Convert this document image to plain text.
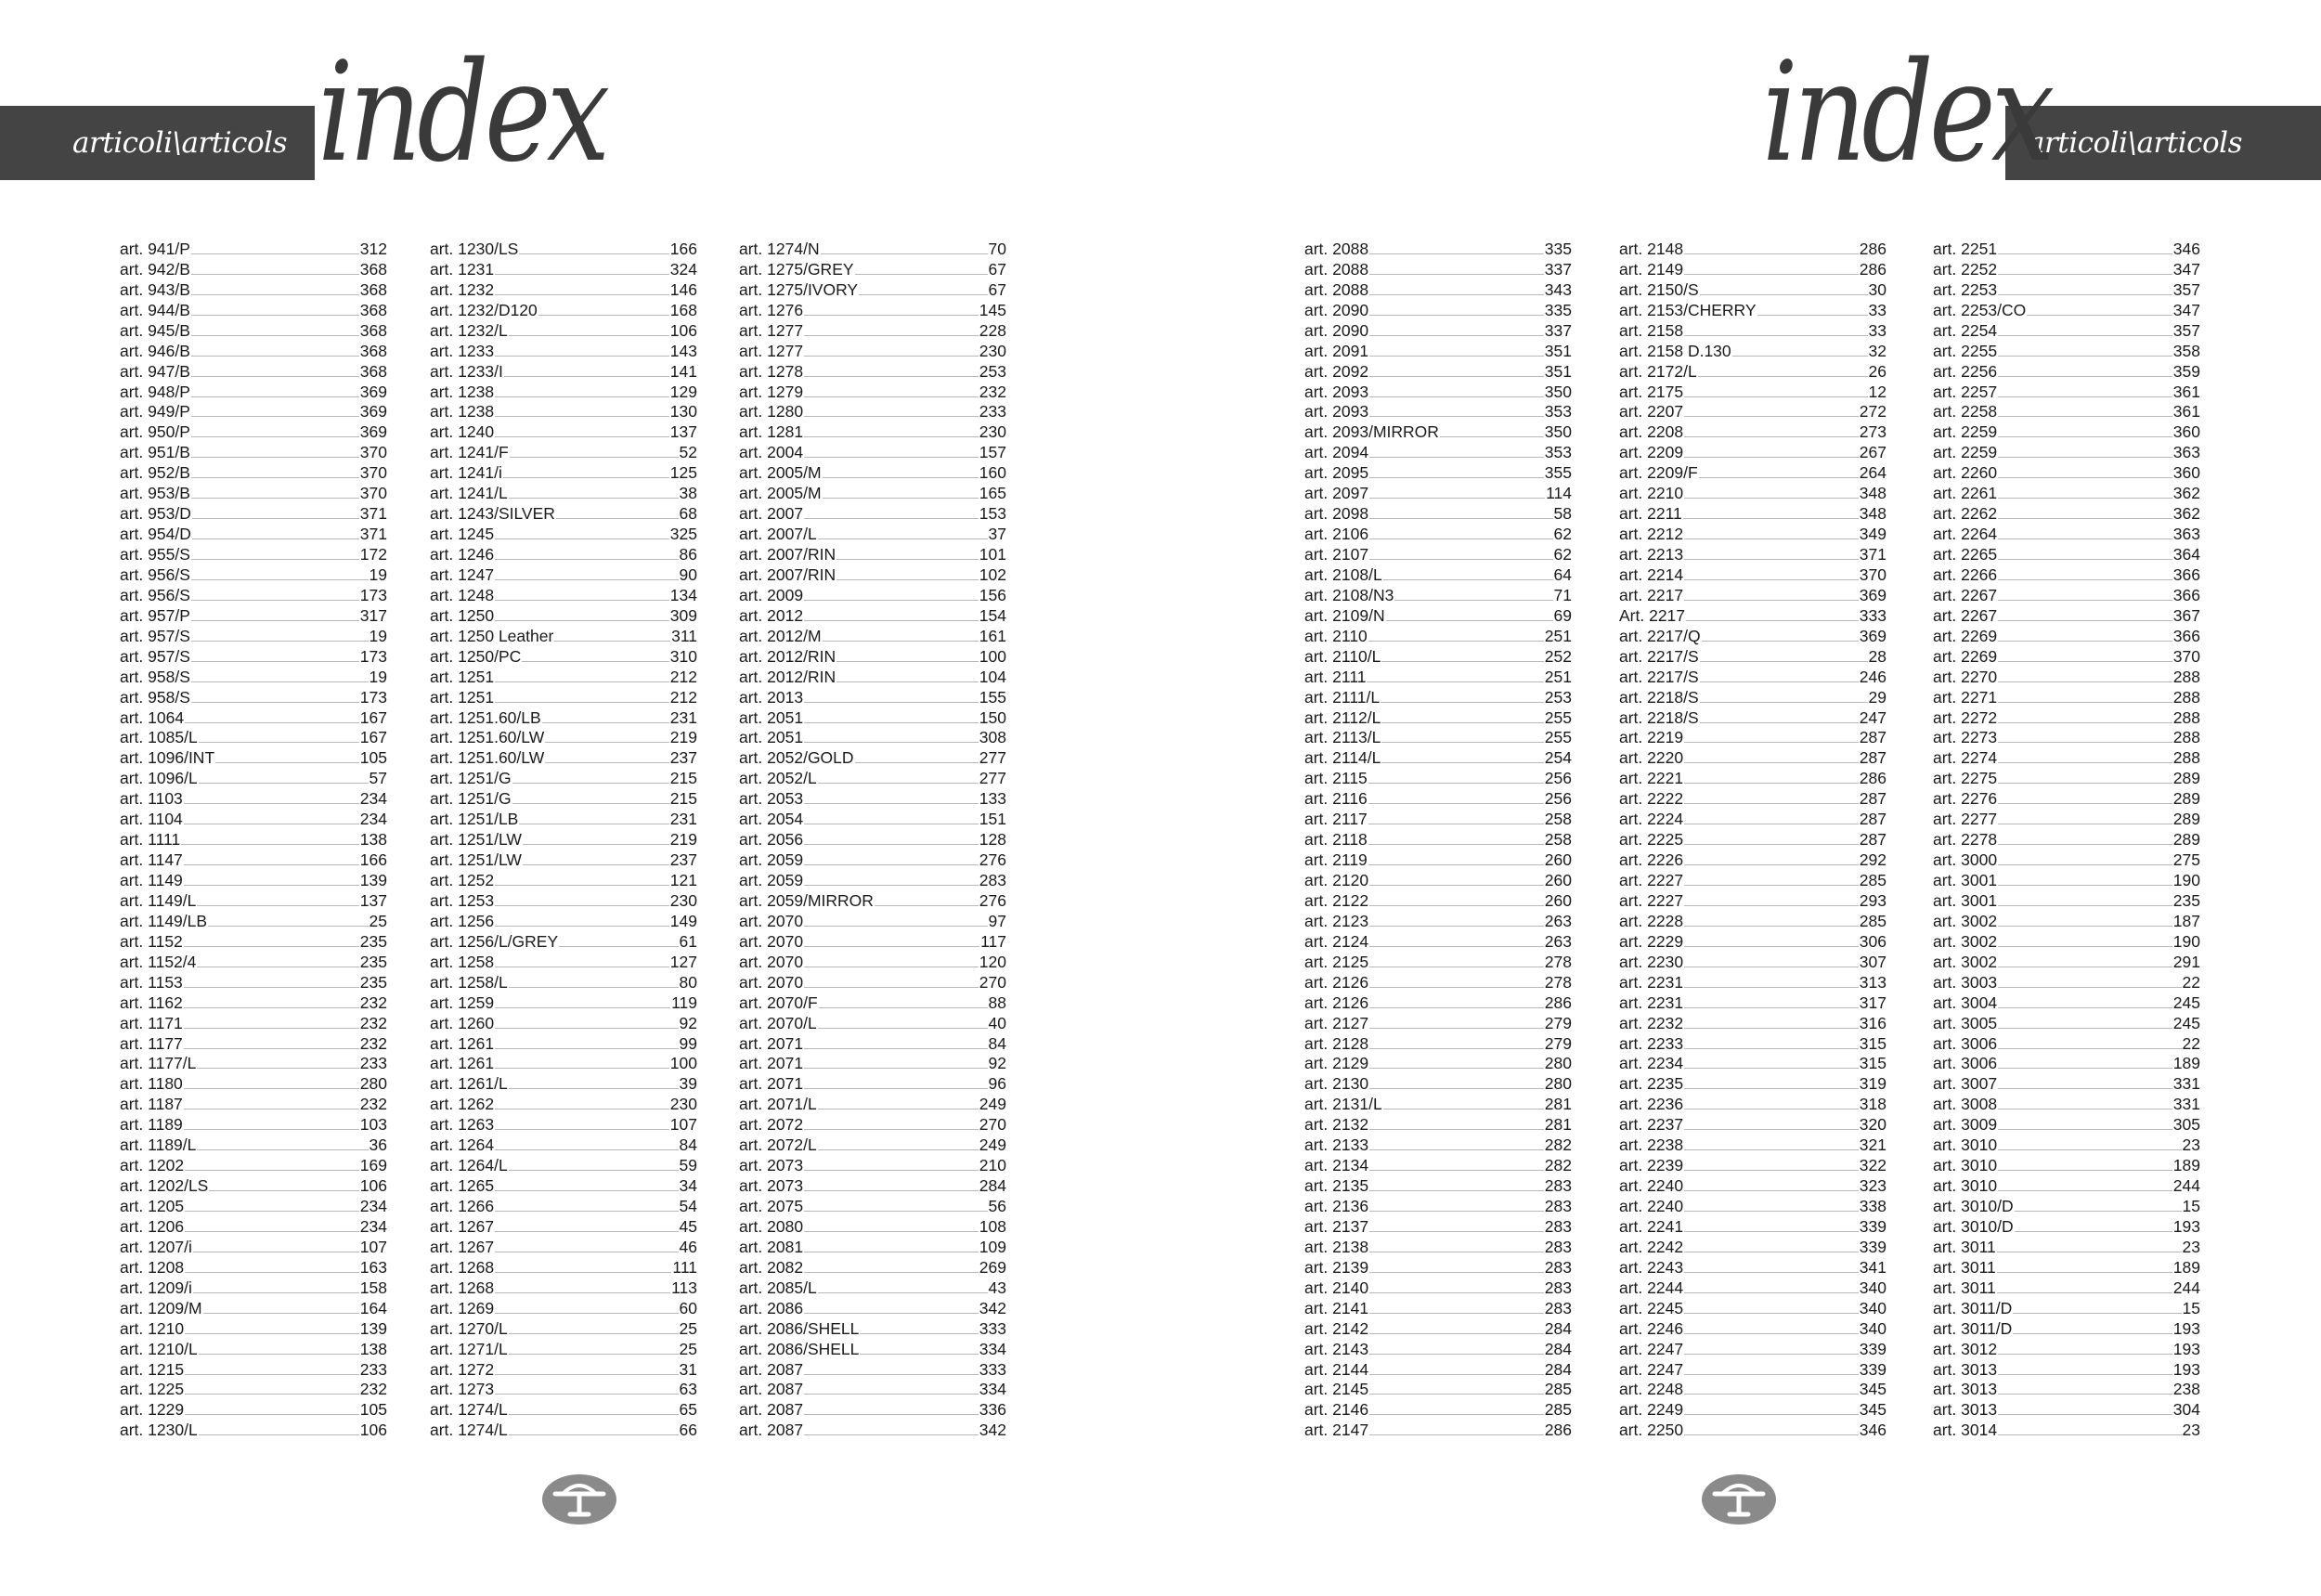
articoli\articols index
art. 941/P	312
art. 942/B	368
art. 943/B	368
art. 944/B	368
art. 945/B	368
art. 946/B	368
art. 947/B	368
art. 948/P	369
art. 949/P	369
art. 950/P	369
art. 951/B	370
art. 952/B	370
art. 953/B	370
art. 953/D	371
art. 954/D	371
art. 955/S	172
art. 956/S	19
art. 956/S	173
art. 957/P	317
art. 957/S	19
art. 957/S	173
art. 958/S	19
art. 958/S	173
art. 1064	167
art. 1085/L	167
art. 1096/INT	105
art. 1096/L	57
art. 1103	234
art. 1104	234
art. 1111	138
art. 1147	166
art. 1149	139
art. 1149/L	137
art. 1149/LB	25
art. 1152	235
art. 1152/4	235
art. 1153	235
art. 1162	232
art. 1171	232
art. 1177	232
art. 1177/L	233
art. 1180	280
art. 1187	232
art. 1189	103
art. 1189/L	36
art. 1202	169
art. 1202/LS	106
art. 1205	234
art. 1206	234
art. 1207/i	107
art. 1208	163
art. 1209/i	158
art. 1209/M	164
art. 1210	139
art. 1210/L	138
art. 1215	233
art. 1225	232
art. 1229	105
art. 1230/L	106
art. 1230/LS	166
art. 1231	324
art. 1232	146
art. 1232/D120	168
art. 1232/L	106
art. 1233	143
art. 1233/I	141
art. 1238	129
art. 1238	130
art. 1240	137
art. 1241/F	52
art. 1241/i	125
art. 1241/L	38
art. 1243/SILVER	68
art. 1245	325
art. 1246	86
art. 1247	90
art. 1248	134
art. 1250	309
art. 1250 Leather	311
art. 1250/PC	310
art. 1251	212
art. 1251	212
art. 1251.60/LB	231
art. 1251.60/LW	219
art. 1251.60/LW	237
art. 1251/G	215
art. 1251/G	215
art. 1251/LB	231
art. 1251/LW	219
art. 1251/LW	237
art. 1252	121
art. 1253	230
art. 1256	149
art. 1256/L/GREY	61
art. 1258	127
art. 1258/L	80
art. 1259	119
art. 1260	92
art. 1261	99
art. 1261	100
art. 1261/L	39
art. 1262	230
art. 1263	107
art. 1264	84
art. 1264/L	59
art. 1265	34
art. 1266	54
art. 1267	45
art. 1267	46
art. 1268	111
art. 1268	113
art. 1269	60
art. 1270/L	25
art. 1271/L	25
art. 1272	31
art. 1273	63
art. 1274/L	65
art. 1274/L	66
art. 1274/N	70
art. 1275/GREY	67
art. 1275/IVORY	67
art. 1276	145
art. 1277	228
art. 1277	230
art. 1278	253
art. 1279	232
art. 1280	233
art. 1281	230
art. 2004	157
art. 2005/M	160
art. 2005/M	165
art. 2007	153
art. 2007/L	37
art. 2007/RIN	101
art. 2007/RIN	102
art. 2009	156
art. 2012	154
art. 2012/M	161
art. 2012/RIN	100
art. 2012/RIN	104
art. 2013	155
art. 2051	150
art. 2051	308
art. 2052/GOLD	277
art. 2052/L	277
art. 2053	133
art. 2054	151
art. 2056	128
art. 2059	276
art. 2059	283
art. 2059/MIRROR	276
art. 2070	97
art. 2070	117
art. 2070	120
art. 2070	270
art. 2070/F	88
art. 2070/L	40
art. 2071	84
art. 2071	92
art. 2071	96
art. 2071/L	249
art. 2072	270
art. 2072/L	249
art. 2073	210
art. 2073	284
art. 2075	56
art. 2080	108
art. 2081	109
art. 2082	269
art. 2085/L	43
art. 2086	342
art. 2086/SHELL	333
art. 2086/SHELL	334
art. 2087	333
art. 2087	334
art. 2087	336
art. 2087	342
articoli\articols
index
art. 2088	335
art. 2088	337
art. 2088	343
art. 2090	335
art. 2090	337
art. 2091	351
art. 2092	351
art. 2093	350
art. 2093	353
art. 2093/MIRROR	350
art. 2094	353
art. 2095	355
art. 2097	114
art. 2098	58
art. 2106	62
art. 2107	62
art. 2108/L	64
art. 2108/N3	71
art. 2109/N	69
art. 2110	251
art. 2110/L	252
art. 2111	251
art. 2111/L	253
art. 2112/L	255
art. 2113/L	255
art. 2114/L	254
art. 2115	256
art. 2116	256
art. 2117	258
art. 2118	258
art. 2119	260
art. 2120	260
art. 2122	260
art. 2123	263
art. 2124	263
art. 2125	278
art. 2126	278
art. 2126	286
art. 2127	279
art. 2128	279
art. 2129	280
art. 2130	280
art. 2131/L	281
art. 2132	281
art. 2133	282
art. 2134	282
art. 2135	283
art. 2136	283
art. 2137	283
art. 2138	283
art. 2139	283
art. 2140	283
art. 2141	283
art. 2142	284
art. 2143	284
art. 2144	284
art. 2145	285
art. 2146	285
art. 2147	286
art. 2148	286
art. 2149	286
art. 2150/S	30
art. 2153/CHERRY	33
art. 2158	33
art. 2158 D.130	32
art. 2172/L	26
art. 2175	12
art. 2207	272
art. 2208	273
art. 2209	267
art. 2209/F	264
art. 2210	348
art. 2211	348
art. 2212	349
art. 2213	371
art. 2214	370
art. 2217	369
Art. 2217	333
art. 2217/Q	369
art. 2217/S	28
art. 2217/S	246
art. 2218/S	29
art. 2218/S	247
art. 2219	287
art. 2220	287
art. 2221	286
art. 2222	287
art. 2224	287
art. 2225	287
art. 2226	292
art. 2227	285
art. 2227	293
art. 2228	285
art. 2229	306
art. 2230	307
art. 2231	313
art. 2231	317
art. 2232	316
art. 2233	315
art. 2234	315
art. 2235	319
art. 2236	318
art. 2237	320
art. 2238	321
art. 2239	322
art. 2240	323
art. 2240	338
art. 2241	339
art. 2242	339
art. 2243	341
art. 2244	340
art. 2245	340
art. 2246	340
art. 2247	339
art. 2247	339
art. 2248	345
art. 2249	345
art. 2250	346
art. 2251	346
art. 2252	347
art. 2253	357
art. 2253/CO	347
art. 2254	357
art. 2255	358
art. 2256	359
art. 2257	361
art. 2258	361
art. 2259	360
art. 2259	363
art. 2260	360
art. 2261	362
art. 2262	362
art. 2264	363
art. 2265	364
art. 2266	366
art. 2267	366
art. 2267	367
art. 2269	366
art. 2269	370
art. 2270	288
art. 2271	288
art. 2272	288
art. 2273	288
art. 2274	288
art. 2275	289
art. 2276	289
art. 2277	289
art. 2278	289
art. 3000	275
art. 3001	190
art. 3001	235
art. 3002	187
art. 3002	190
art. 3002	291
art. 3003	22
art. 3004	245
art. 3005	245
art. 3006	22
art. 3006	189
art. 3007	331
art. 3008	331
art. 3009	305
art. 3010	23
art. 3010	189
art. 3010	244
art. 3010/D	15
art. 3010/D	193
art. 3011	23
art. 3011	189
art. 3011	244
art. 3011/D	15
art. 3011/D	193
art. 3012	193
art. 3013	193
art. 3013	238
art. 3013	304
art. 3014	23
